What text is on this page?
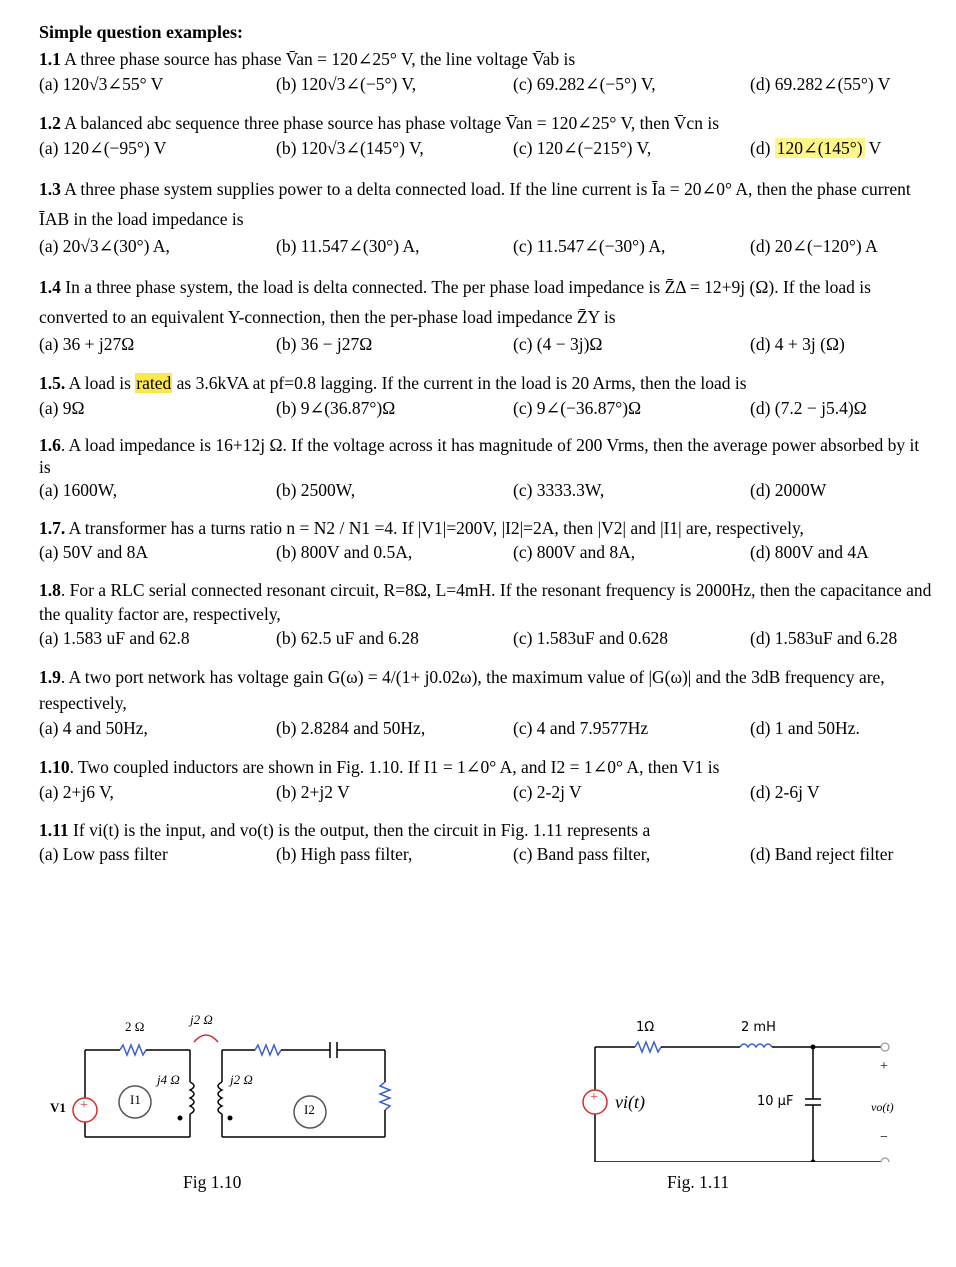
Simple question examples:
1.1 A three phase source has phase V̄an = 120∠25° V, the line voltage V̄ab is
(a) 120√3∠55° V	(b) 120√3∠(−5°) V,	(c) 69.282∠(−5°) V,	(d) 69.282∠(55°) V
1.2 A balanced abc sequence three phase source has phase voltage V̄an = 120∠25° V, then V̄cn is
(a) 120∠(−95°) V	(b) 120√3∠(145°) V,	(c) 120∠(−215°) V,	(d) 120∠(145°) V
1.3 A three phase system supplies power to a delta connected load. If the line current is Īa = 20∠0° A, then the phase current ĪAB in the load impedance is
(a) 20√3∠(30°) A,	(b) 11.547∠(30°) A,	(c) 11.547∠(−30°) A,	(d) 20∠(−120°) A
1.4 In a three phase system, the load is delta connected. The per phase load impedance is Z̄Δ = 12+9j (Ω). If the load is converted to an equivalent Y-connection, then the per-phase load impedance Z̄Y is
(a) 36 + j27Ω	(b) 36 − j27Ω	(c) (4 − 3j)Ω	(d) 4 + 3j (Ω)
1.5. A load is rated as 3.6kVA at pf=0.8 lagging. If the current in the load is 20 Arms, then the load is
(a) 9Ω	(b) 9∠(36.87°)Ω	(c) 9∠(−36.87°)Ω	(d) (7.2 − j5.4)Ω
1.6. A load impedance is 16+12j Ω. If the voltage across it has magnitude of 200 Vrms, then the average power absorbed by it is
(a) 1600W,	(b) 2500W,	(c) 3333.3W,	(d) 2000W
1.7. A transformer has a turns ratio n = N2 / N1 =4. If |V1|=200V, |I2|=2A, then |V2| and |I1| are, respectively,
(a) 50V and 8A	(b) 800V and 0.5A,	(c) 800V and 8A,	(d) 800V and 4A
1.8. For a RLC serial connected resonant circuit, R=8Ω, L=4mH. If the resonant frequency is 2000Hz, then the capacitance and the quality factor are, respectively,
(a) 1.583 uF and 62.8	(b) 62.5 uF and 6.28	(c) 1.583uF and 0.628	(d) 1.583uF and 6.28
1.9. A two port network has voltage gain G(ω) = 4/(1+ j0.02ω), the maximum value of |G(ω)| and the 3dB frequency are, respectively,
(a) 4 and 50Hz,	(b) 2.8284 and 50Hz,	(c) 4 and 7.9577Hz	(d) 1 and 50Hz.
1.10. Two coupled inductors are shown in Fig. 1.10. If I1 = 1∠0° A, and I2 = 1∠0° A, then V1 is
(a) 2+j6 V,	(b) 2+j2 V	(c) 2-2j V	(d) 2-6j V
1.11 If vi(t) is the input, and vo(t) is the output, then the circuit in Fig. 1.11 represents a
(a) Low pass filter	(b) High pass filter,	(c) Band pass filter,	(d) Band reject filter
2 Ω	j2 Ω
j4 Ω	j2 Ω
V1 +	I1
I2
Fig 1.10
1Ω	2 mH
10 µF
+ vi(t)	vo(t)
+
−
Fig. 1.11
